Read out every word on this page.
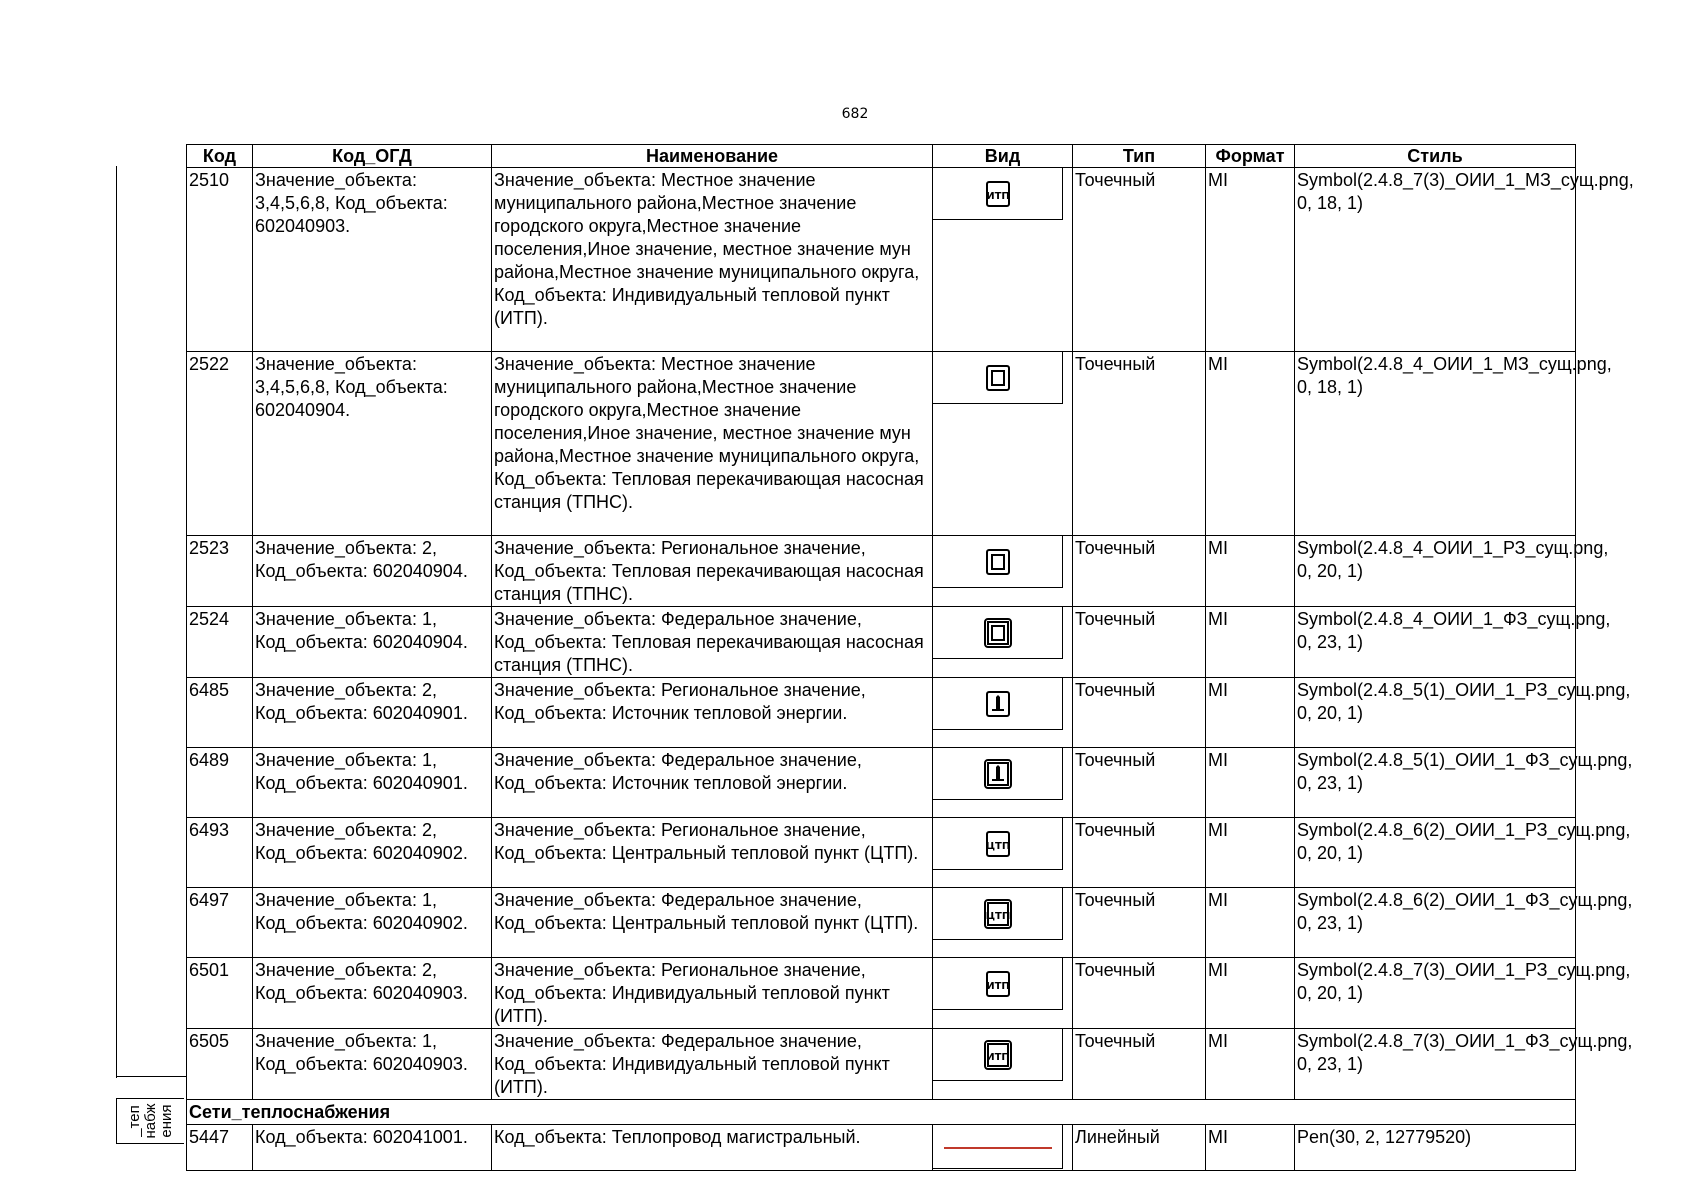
682
_теп
набж
ения
Код	Код_ОГД	Наименование	Вид	Тип	Формат	Стиль
2510	Значение_объекта: 3,4,5,6,8, Код_объекта: 602040903.	Значение_объекта: Местное значение муниципального района,Местное значение городского округа,Местное значение поселения,Иное значение, местное значение мун района,Местное значение муниципального округа, Код_объекта: Индивидуальный тепловой пункт (ИТП).	ИТП	Точечный	MI	Symbol(2.4.8_7(3)_ОИИ_1_МЗ_сущ.png, 0, 18, 1)
2522	Значение_объекта: 3,4,5,6,8, Код_объекта: 602040904.	Значение_объекта: Местное значение муниципального района,Местное значение городского округа,Местное значение поселения,Иное значение, местное значение мун района,Местное значение муниципального округа, Код_объекта: Тепловая перекачивающая насосная станция (ТПНС).		Точечный	MI	Symbol(2.4.8_4_ОИИ_1_МЗ_сущ.png, 0, 18, 1)
2523	Значение_объекта: 2, Код_объекта: 602040904.	Значение_объекта: Региональное значение, Код_объекта: Тепловая перекачивающая насосная станция (ТПНС).		Точечный	MI	Symbol(2.4.8_4_ОИИ_1_РЗ_сущ.png, 0, 20, 1)
2524	Значение_объекта: 1, Код_объекта: 602040904.	Значение_объекта: Федеральное значение, Код_объекта: Тепловая перекачивающая насосная станция (ТПНС).		Точечный	MI	Symbol(2.4.8_4_ОИИ_1_ФЗ_сущ.png, 0, 23, 1)
6485	Значение_объекта: 2, Код_объекта: 602040901.	Значение_объекта: Региональное значение, Код_объекта: Источник тепловой энергии.		Точечный	MI	Symbol(2.4.8_5(1)_ОИИ_1_РЗ_сущ.png, 0, 20, 1)
6489	Значение_объекта: 1, Код_объекта: 602040901.	Значение_объекта: Федеральное значение, Код_объекта: Источник тепловой энергии.		Точечный	MI	Symbol(2.4.8_5(1)_ОИИ_1_ФЗ_сущ.png, 0, 23, 1)
6493	Значение_объекта: 2, Код_объекта: 602040902.	Значение_объекта: Региональное значение, Код_объекта: Центральный тепловой пункт (ЦТП).	ЦТП	Точечный	MI	Symbol(2.4.8_6(2)_ОИИ_1_РЗ_сущ.png, 0, 20, 1)
6497	Значение_объекта: 1, Код_объекта: 602040902.	Значение_объекта: Федеральное значение, Код_объекта: Центральный тепловой пункт (ЦТП).	ЦТП	Точечный	MI	Symbol(2.4.8_6(2)_ОИИ_1_ФЗ_сущ.png, 0, 23, 1)
6501	Значение_объекта: 2, Код_объекта: 602040903.	Значение_объекта: Региональное значение, Код_объекта: Индивидуальный тепловой пункт (ИТП).	ИТП	Точечный	MI	Symbol(2.4.8_7(3)_ОИИ_1_РЗ_сущ.png, 0, 20, 1)
6505	Значение_объекта: 1, Код_объекта: 602040903.	Значение_объекта: Федеральное значение, Код_объекта: Индивидуальный тепловой пункт (ИТП).	ИТП	Точечный	MI	Symbol(2.4.8_7(3)_ОИИ_1_ФЗ_сущ.png, 0, 23, 1)
Сети_теплоснабжения						
5447	Код_объекта: 602041001.	Код_объекта: Теплопровод магистральный.		Линейный	MI	Pen(30, 2, 12779520)
